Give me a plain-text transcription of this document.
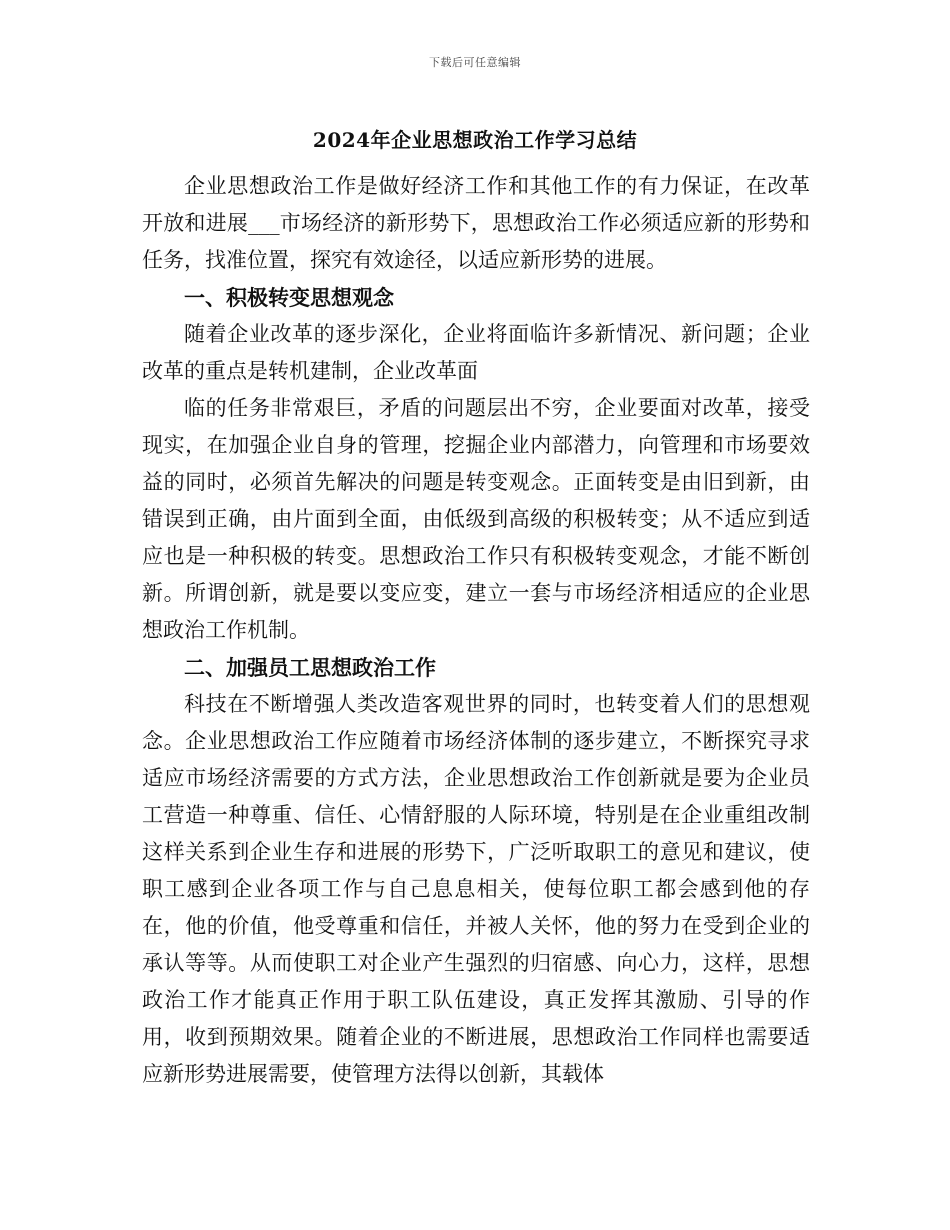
下载后可任意编辑
2024年企业思想政治工作学习总结

企业思想政治工作是做好经济工作和其他工作的有力保证，在改革开放和进展___市场经济的新形势下，思想政治工作必须适应新的形势和任务，找准位置，探究有效途径，以适应新形势的进展。

一、积极转变思想观念

随着企业改革的逐步深化，企业将面临许多新情况、新问题；企业改革的重点是转机建制，企业改革面

临的任务非常艰巨，矛盾的问题层出不穷，企业要面对改革，接受现实，在加强企业自身的管理，挖掘企业内部潜力，向管理和市场要效益的同时，必须首先解决的问题是转变观念。正面转变是由旧到新，由错误到正确，由片面到全面，由低级到高级的积极转变；从不适应到适应也是一种积极的转变。思想政治工作只有积极转变观念，才能不断创新。所谓创新，就是要以变应变，建立一套与市场经济相适应的企业思想政治工作机制。

二、加强员工思想政治工作

科技在不断增强人类改造客观世界的同时，也转变着人们的思想观念。企业思想政治工作应随着市场经济体制的逐步建立，不断探究寻求适应市场经济需要的方式方法，企业思想政治工作创新就是要为企业员工营造一种尊重、信任、心情舒服的人际环境，特别是在企业重组改制这样关系到企业生存和进展的形势下，广泛听取职工的意见和建议，使职工感到企业各项工作与自己息息相关，使每位职工都会感到他的存在，他的价值，他受尊重和信任，并被人关怀，他的努力在受到企业的承认等等。从而使职工对企业产生强烈的归宿感、向心力，这样，思想政治工作才能真正作用于职工队伍建设，真正发挥其激励、引导的作用，收到预期效果。随着企业的不断进展，思想政治工作同样也需要适应新形势进展需要，使管理方法得以创新，其载体
